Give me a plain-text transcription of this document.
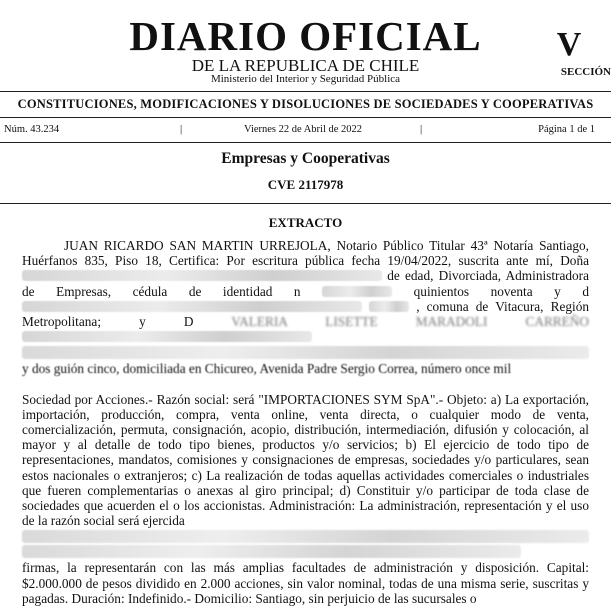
DIARIO OFICIAL
DE LA REPUBLICA DE CHILE
Ministerio del Interior y Seguridad Pública
V
SECCIÓN
CONSTITUCIONES, MODIFICACIONES Y DISOLUCIONES DE SOCIEDADES Y COOPERATIVAS
Núm. 43.234	|	Viernes 22 de Abril de 2022	|	Página 1 de 1
Empresas y Cooperativas
CVE 2117978
EXTRACTO

JUAN RICARDO SAN MARTIN URREJOLA, Notario Público Titular 43ª Notaría Santiago, Huérfanos 835, Piso 18, Certifica: Por escritura pública fecha 19/04/2022, suscrita ante mí, Doña  de edad, Divorciada, Administradora de Empresas, cédula de identidad n	quinientos noventa y d   , comuna de Vitacura, Región Metropolitana; y D	VALERIA LISETTE MARADOLI CARREÑO
y dos guión cinco, domiciliada en Chicureo, Avenida Padre Sergio Correa, número once mil

Sociedad por Acciones.- Razón social: será "IMPORTACIONES SYM SpA".- Objeto: a) La exportación, importación, producción, compra, venta online, venta directa, o cualquier modo de venta, comercialización, permuta, consignación, acopio, distribución, intermediación, difusión y colocación, al mayor y al detalle de todo tipo bienes, productos y/o servicios; b) El ejercicio de todo tipo de representaciones, mandatos, comisiones y consignaciones de empresas, sociedades y/o particulares, sean estos nacionales o extranjeros; c) La realización de todas aquellas actividades comerciales o industriales que fueren complementarias o anexas al giro principal; d) Constituir y/o participar de toda clase de sociedades que acuerden el o los accionistas. Administración: La administración, representación y el uso de la razón social será ejercida
firmas, la representarán con las más amplias facultades de administración y disposición. Capital: $2.000.000 de pesos dividido en 2.000 acciones, sin valor nominal, todas de una misma serie, suscritas y pagadas. Duración: Indefinido.- Domicilio: Santiago, sin perjuicio de las sucursales o
